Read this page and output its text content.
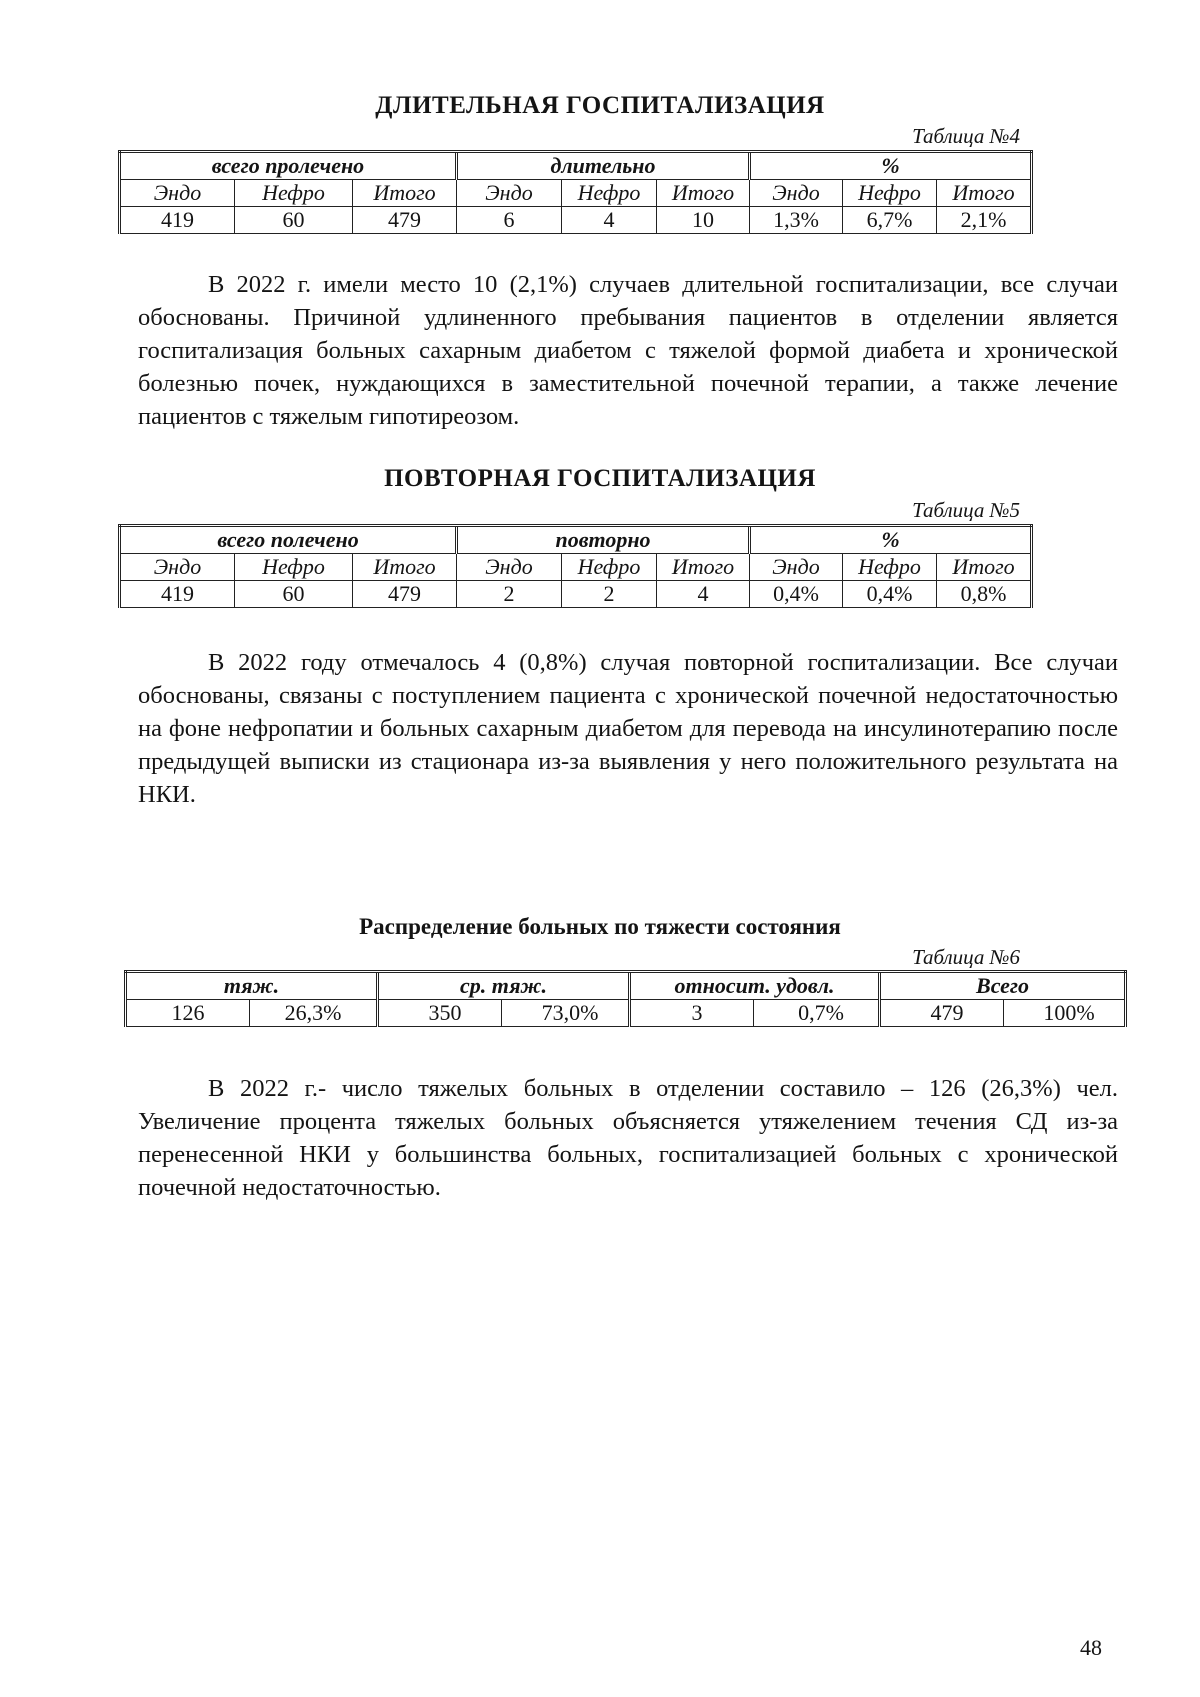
ДЛИТЕЛЬНАЯ ГОСПИТАЛИЗАЦИЯ
Таблица №4
всего пролечено			длительно			%		
Эндо	Нефро	Итого	Эндо	Нефро	Итого	Эндо	Нефро	Итого
419	60	479	6	4	10	1,3%	6,7%	2,1%

В 2022 г. имели место 10 (2,1%) случаев длительной госпитализации, все случаи обоснованы. Причиной удлиненного пребывания пациентов в отделении является госпитализация больных сахарным диабетом с тяжелой формой диабета и хронической болезнью почек, нуждающихся в заместительной почечной терапии, а также лечение пациентов с тяжелым гипотиреозом.

ПОВТОРНАЯ ГОСПИТАЛИЗАЦИЯ
Таблица №5
всего полечено			повторно			%		
Эндо	Нефро	Итого	Эндо	Нефро	Итого	Эндо	Нефро	Итого
419	60	479	2	2	4	0,4%	0,4%	0,8%

В 2022 году отмечалось 4 (0,8%) случая повторной госпитализации. Все случаи обоснованы, связаны с поступлением пациента с хронической почечной недостаточностью на фоне нефропатии и больных сахарным диабетом для перевода на инсулинотерапию после предыдущей выписки из стационара из-за выявления у него положительного результата на НКИ.

Распределение больных по тяжести состояния
Таблица №6
тяж.		ср. тяж.		относит. удовл.		Всего	
126	26,3%	350	73,0%	3	0,7%	479	100%

В 2022 г.- число тяжелых больных в отделении составило – 126 (26,3%) чел. Увеличение процента тяжелых больных объясняется утяжелением течения СД из-за перенесенной НКИ у большинства больных, госпитализацией больных с хронической почечной недостаточностью.

48
